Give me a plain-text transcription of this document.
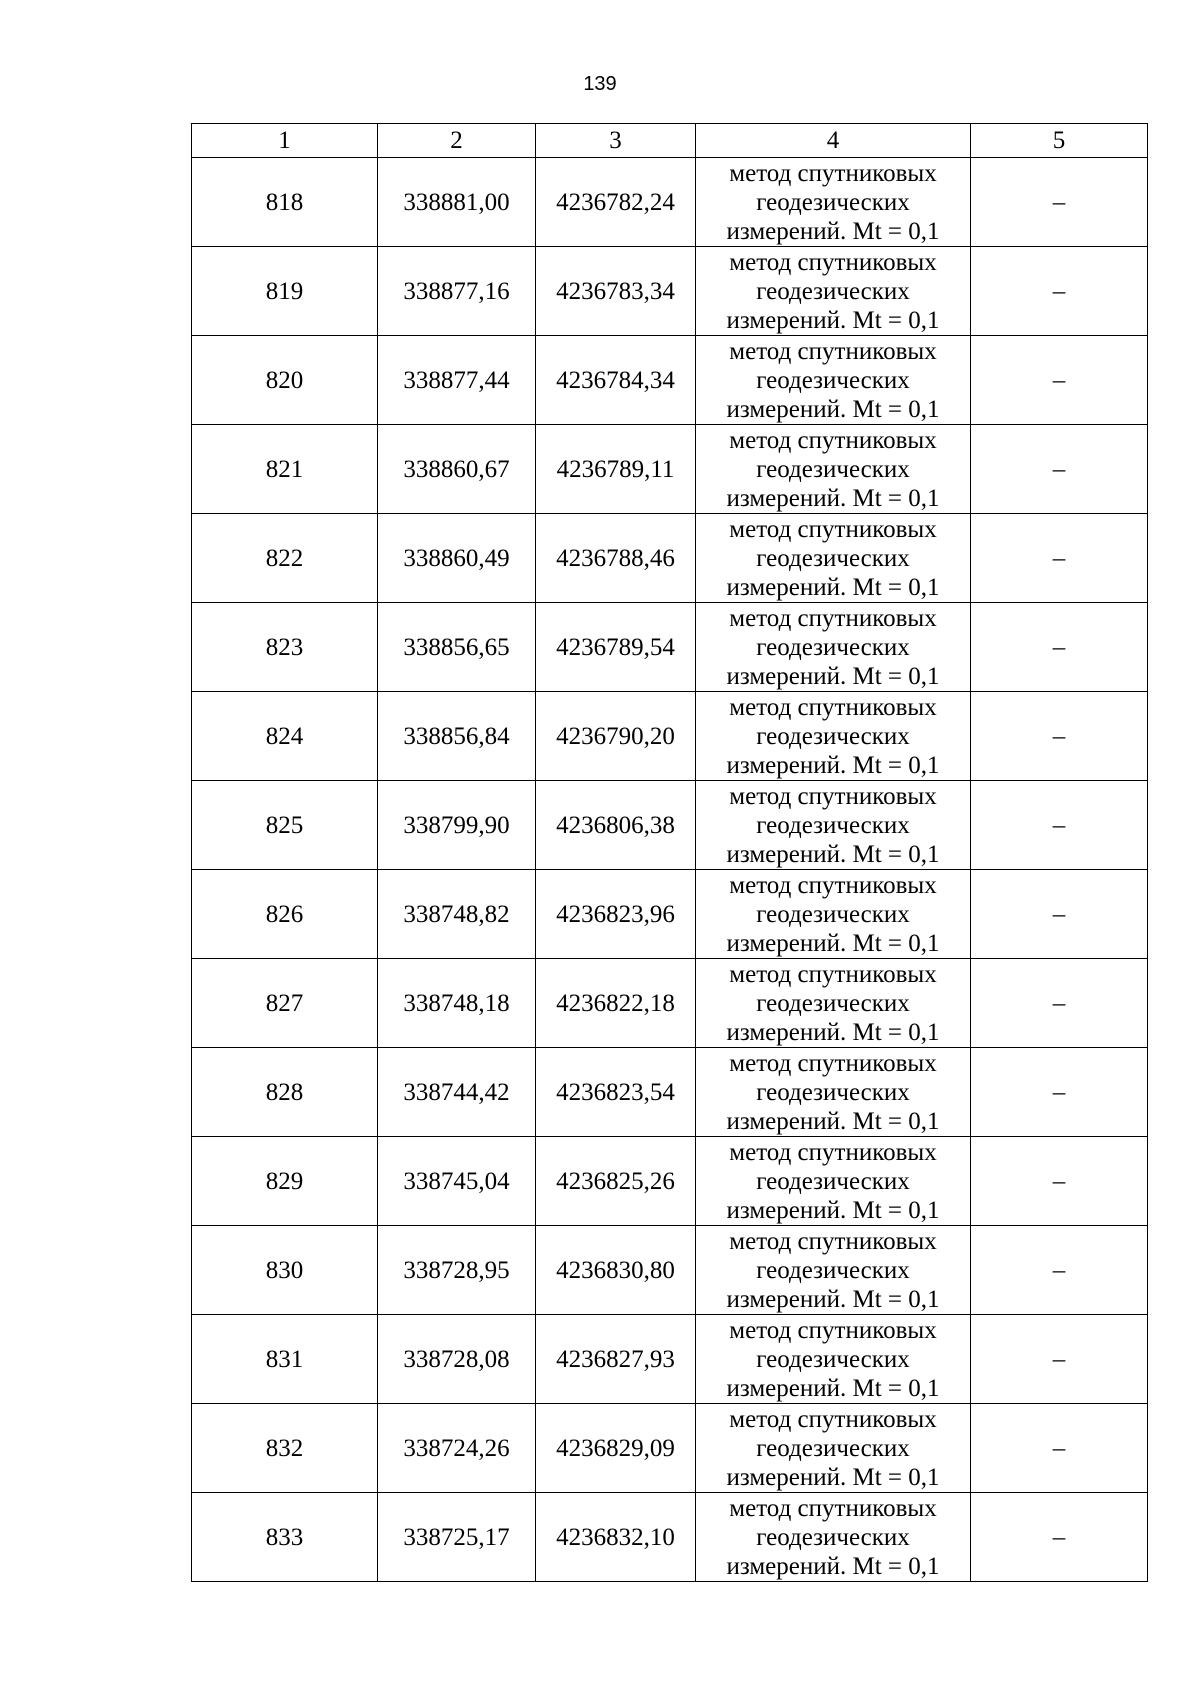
139
1	2	3	4	5
818	338881,00	4236782,24	метод спутниковых
геодезических
измерений. Mt = 0,1	–
819	338877,16	4236783,34	метод спутниковых
геодезических
измерений. Mt = 0,1	–
820	338877,44	4236784,34	метод спутниковых
геодезических
измерений. Mt = 0,1	–
821	338860,67	4236789,11	метод спутниковых
геодезических
измерений. Mt = 0,1	–
822	338860,49	4236788,46	метод спутниковых
геодезических
измерений. Mt = 0,1	–
823	338856,65	4236789,54	метод спутниковых
геодезических
измерений. Mt = 0,1	–
824	338856,84	4236790,20	метод спутниковых
геодезических
измерений. Mt = 0,1	–
825	338799,90	4236806,38	метод спутниковых
геодезических
измерений. Mt = 0,1	–
826	338748,82	4236823,96	метод спутниковых
геодезических
измерений. Mt = 0,1	–
827	338748,18	4236822,18	метод спутниковых
геодезических
измерений. Mt = 0,1	–
828	338744,42	4236823,54	метод спутниковых
геодезических
измерений. Mt = 0,1	–
829	338745,04	4236825,26	метод спутниковых
геодезических
измерений. Mt = 0,1	–
830	338728,95	4236830,80	метод спутниковых
геодезических
измерений. Mt = 0,1	–
831	338728,08	4236827,93	метод спутниковых
геодезических
измерений. Mt = 0,1	–
832	338724,26	4236829,09	метод спутниковых
геодезических
измерений. Mt = 0,1	–
833	338725,17	4236832,10	метод спутниковых
геодезических
измерений. Mt = 0,1	–
